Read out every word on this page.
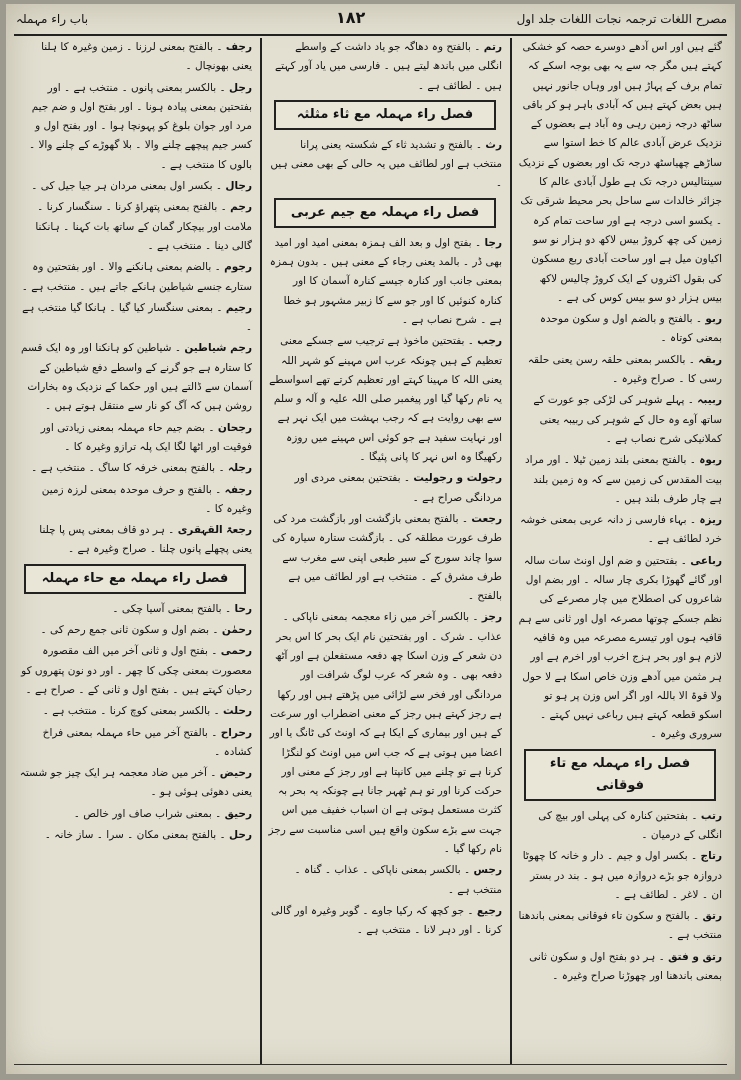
مصرح اللغات ترجمہ نجات اللغات جلد اول
۱۸۲
باب راء مہملہ
گئے ہیں اور اس آدھے دوسرے حصہ کو خشکی کہتے ہیں مگر جہ سے یہ بھی بوجہ اسکے کہ تمام برف کے پہاڑ ہیں اور وہاں جانور نہیں ہیں بعض کہتے ہیں کہ آبادی باہر ہو کر باقی ساٹھ درجہ زمین رہی وہ آباد ہے بعضوں کے نزدیک عرض آبادی عالم کا خط استوا سے ساڑھے چھیاسٹھ درجہ تک اور بعضوں کے نزدیک سینتالیس درجہ تک ہے طول آبادی عالم کا جزائر خالدات سے ساحل بحر محیط شرقی تک ۔ یکسو اسی درجہ ہے اور ساحت تمام کرہ زمین کی چھ کروڑ بیس لاکھ دو ہزار نو سو اکیاون میل ہے اور ساحت آبادی ربع مسکون کی بقول اکثروں کے ایک کروڑ چالیس لاکھ بیس ہزار دو سو بیس کوس کی ہے ۔
ربو ۔ بالفتح و بالضم اول و سکون موحدہ بمعنی کوتاہ ۔
ربقہ ۔ بالکسر بمعنی حلقہ رسن یعنی حلقہ رسی کا ۔ صراح وغیرہ ۔
ربیبہ ۔ پہلے شوہر کی لڑکی جو عورت کے ساتھ آوے وہ حال کے شوہر کی ربیبہ یعنی کملانیکی شرح نصاب ہے ۔
ربوہ ۔ بالفتح بمعنی بلند زمین ٹیلا ۔ اور مراد بیت المقدس کی زمین سے کہ وہ زمین بلند ہے چار طرف بلند ہیں ۔
ریزہ ۔ بہاء فارسی ز دانہ عربی بمعنی خوشہ خرد لطائف ہے ۔
رباعی ۔ بفتحتین و ضم اول اونٹ سات سالہ اور گائے گھوڑا بکری چار سالہ ۔ اور بضم اول شاعروں کی اصطلاح میں چار مصرعے کی نظم جسکے چوتھا مصرعہ اول اور ثانی سے ہم قافیہ ہوں اور تیسرے مصرعہ میں وہ قافیہ لازم ہو اور بحر ہزج اخرب اور اخرم ہے اور ہر مثمن میں آدھے وزن خاص اسکا ہے لا حول ولا قوۃ الا باللہ اور اگر اس وزن پر ہو تو اسکو قطعہ کہتے ہیں رباعی نہیں کہتے ۔ سروری وغیرہ ۔
فصل راء مہملہ مع تاء فوقانی
رتب ۔ بفتحتین کنارہ کی پہلی اور بیچ کی انگلی کے درمیان ۔
رتاج ۔ بکسر اول و جیم ۔ دار و خانہ کا چھوٹا دروازہ جو بڑے دروازہ میں ہو ۔ بند در بستر ان ۔ لاغر ۔ لطائف ہے ۔
رتق ۔ بالفتح و سکون تاء فوقانی بمعنی باندھنا منتخب ہے ۔
رتق و فتق ۔ ہر دو بفتح اول و سکون ثانی بمعنی باندھنا اور چھوڑنا صراح وغیرہ ۔
رتم ۔ بالفتح وہ دھاگہ جو یاد داشت کے واسطے انگلی میں باندھ لیتے ہیں ۔ فارسی میں یاد آور کہتے ہیں ۔ لطائف ہے ۔
فصل راء مہملہ مع ثاء مثلثہ
رث ۔ بالفتح و تشدید ثاء کے شکستہ یعنی پرانا منتخب ہے اور لطائف میں یہ حالی کے بھی معنی ہیں ۔
فصل راء مہملہ مع جیم عربی
رجا ۔ بفتح اول و بعد الف ہمزہ بمعنی امید اور امید بھی ڈر ۔ بالمد یعنی رجاء کے معنی ہیں ۔ بدون ہمزہ بمعنی جانب اور کنارہ جیسے کنارہ آسمان کا اور کنارہ کنوئیں کا اور جو سے کا زبیر مشہور ہو خطا ہے ۔ شرح نصاب ہے ۔
رجب ۔ بفتحتین ماخوذ ہے ترجیب سے جسکے معنی تعظیم کے ہیں چونکہ عرب اس مہینے کو شہر اللہ یعنی اللہ کا مہینا کہتے اور تعظیم کرتے تھے اسواسطے یہ نام رکھا گیا اور پیغمبر صلی اللہ علیہ و آلہ و سلم سے بھی روایت ہے کہ رجب بہشت میں ایک نہر ہے اور نہایت سفید ہے جو کوئی اس مہینے میں روزہ رکھیگا وہ اس نہر کا پانی پئیگا ۔
رجولت و رجولیت ۔ بفتحتین بمعنی مردی اور مردانگی صراح ہے ۔
رجعت ۔ بالفتح بمعنی بازگشت اور بازگشت مرد کی طرف عورت مطلقہ کی ۔ بازگشت ستارہ سیارہ کی سوا چاند سورج کے سیر طبعی اپنی سے مغرب سے طرف مشرق کے ۔ منتخب ہے اور لطائف میں ہے بالفتح ۔
رجز ۔ بالکسر آخر میں زاء معجمہ بمعنی ناپاکی ۔ عذاب ۔ شرک ۔ اور بفتحتین نام ایک بحر کا اس بحر دن شعر کے وزن اسکا چھ دفعہ مستفعلن ہے اور آٹھ دفعہ بھی ۔ وہ شعر کہ عرب لوگ شرافت اور مردانگی اور فخر سے لڑائی میں پڑھتے ہیں اور رکھا ہے رجز کہتے ہیں رجز کے معنی اضطراب اور سرعت کے ہیں اور بیماری کے ایکا ہے کہ اونٹ کی ٹانگ یا اور اعضا میں ہوتی ہے کہ جب اس میں اونٹ کو لنگڑا کرنا ہے تو چلنے میں کانپتا ہے اور رجز کے معنی اور حرکت کرنا اور تو ہم ٹھہر جانا ہے چونکہ یہ بحر بہ کثرت مستعمل ہوتی ہے ان اسباب خفیف میں اس جہت سے بڑے سکون واقع ہیں اسی مناسبت سے رجز نام رکھا گیا ۔
رجس ۔ بالکسر بمعنی ناپاکی ۔ عذاب ۔ گناہ ۔ منتخب ہے ۔
رجیع ۔ جو کچھ کہ رکیا جاوے ۔ گوبر وغیرہ اور گالی کرنا ۔ اور دہر لانا ۔ منتخب ہے ۔
رجف ۔ بالفتح بمعنی لرزنا ۔ زمین وغیرہ کا ہلنا یعنی بھونچال ۔
رجل ۔ بالکسر بمعنی پانوں ۔ منتخب ہے ۔ اور بفتحتین بمعنی پیادہ ہونا ۔ اور بفتح اول و ضم جیم مرد اور جوان بلوغ کو پہونچا ہوا ۔ اور بفتح اول و کسر جیم پیچھے چلنے والا ۔ بلا گھوڑے کے چلنے والا ۔ بالوں کا منتخب ہے ۔
رجال ۔ بکسر اول بمعنی مردان ہر جیا جیل کی ۔
رجم ۔ بالفتح بمعنی پتھراؤ کرنا ۔ سنگسار کرنا ۔ ملامت اور بیچکار گمان کے ساتھ بات کہنا ۔ ہانکنا گالی دینا ۔ منتخب ہے ۔
رجوم ۔ بالضم بمعنی ہانکنے والا ۔ اور بفتحتین وہ ستارے جنسے شیاطین ہانکے جاتے ہیں ۔ منتخب ہے ۔
رجیم ۔ بمعنی سنگسار کیا گیا ۔ ہانکا گیا منتخب ہے ۔
رجم شیاطین ۔ شیاطین کو ہانکنا اور وہ ایک قسم کا ستارہ ہے جو گرنے کے واسطے دفع شیاطین کے آسمان سے ڈالتے ہیں اور حکما کے نزدیک وہ بخارات روشن ہیں کہ آگ کو نار سے منتقل ہوتے ہیں ۔
رجحان ۔ بضم جیم حاء مہملہ بمعنی زیادتی اور فوقیت اور اٹھا لگا ایک پلہ ترازو وغیرہ کا ۔
رجلہ ۔ بالفتح بمعنی خرفہ کا ساگ ۔ منتخب ہے ۔
رجفہ ۔ بالفتح و حرف موحدہ بمعنی لرزہ زمین وغیرہ کا ۔
رجعۃ القہقری ۔ ہر دو قاف بمعنی پس پا چلنا یعنی پچھلے پانوں چلنا ۔ صراح وغیرہ ہے ۔
فصل راء مہملہ مع حاء مہملہ
رحا ۔ بالفتح بمعنی آسیا چکی ۔
رحمٰن ۔ بضم اول و سکون ثانی جمع رحم کی ۔
رحمی ۔ بفتح اول و ثانی آخر میں الف مقصورہ معصورت بمعنی چکی کا چھر ۔ اور دو نون پتھروں کو رحیان کہتے ہیں ۔ بفتح اول و ثانی کے ۔ صراح ہے ۔
رحلت ۔ بالکسر بمعنی کوچ کرنا ۔ منتخب ہے ۔
رحراح ۔ بالفتح آخر میں حاء مہملہ بمعنی فراخ کشادہ ۔
رحیض ۔ آخر میں ضاد معجمہ ہر ایک چیز جو شستہ یعنی دھوئی ہوئی ہو ۔
رحیق ۔ بمعنی شراب صاف اور خالص ۔
رحل ۔ بالفتح بمعنی مکان ۔ سرا ۔ ساز خانہ ۔
